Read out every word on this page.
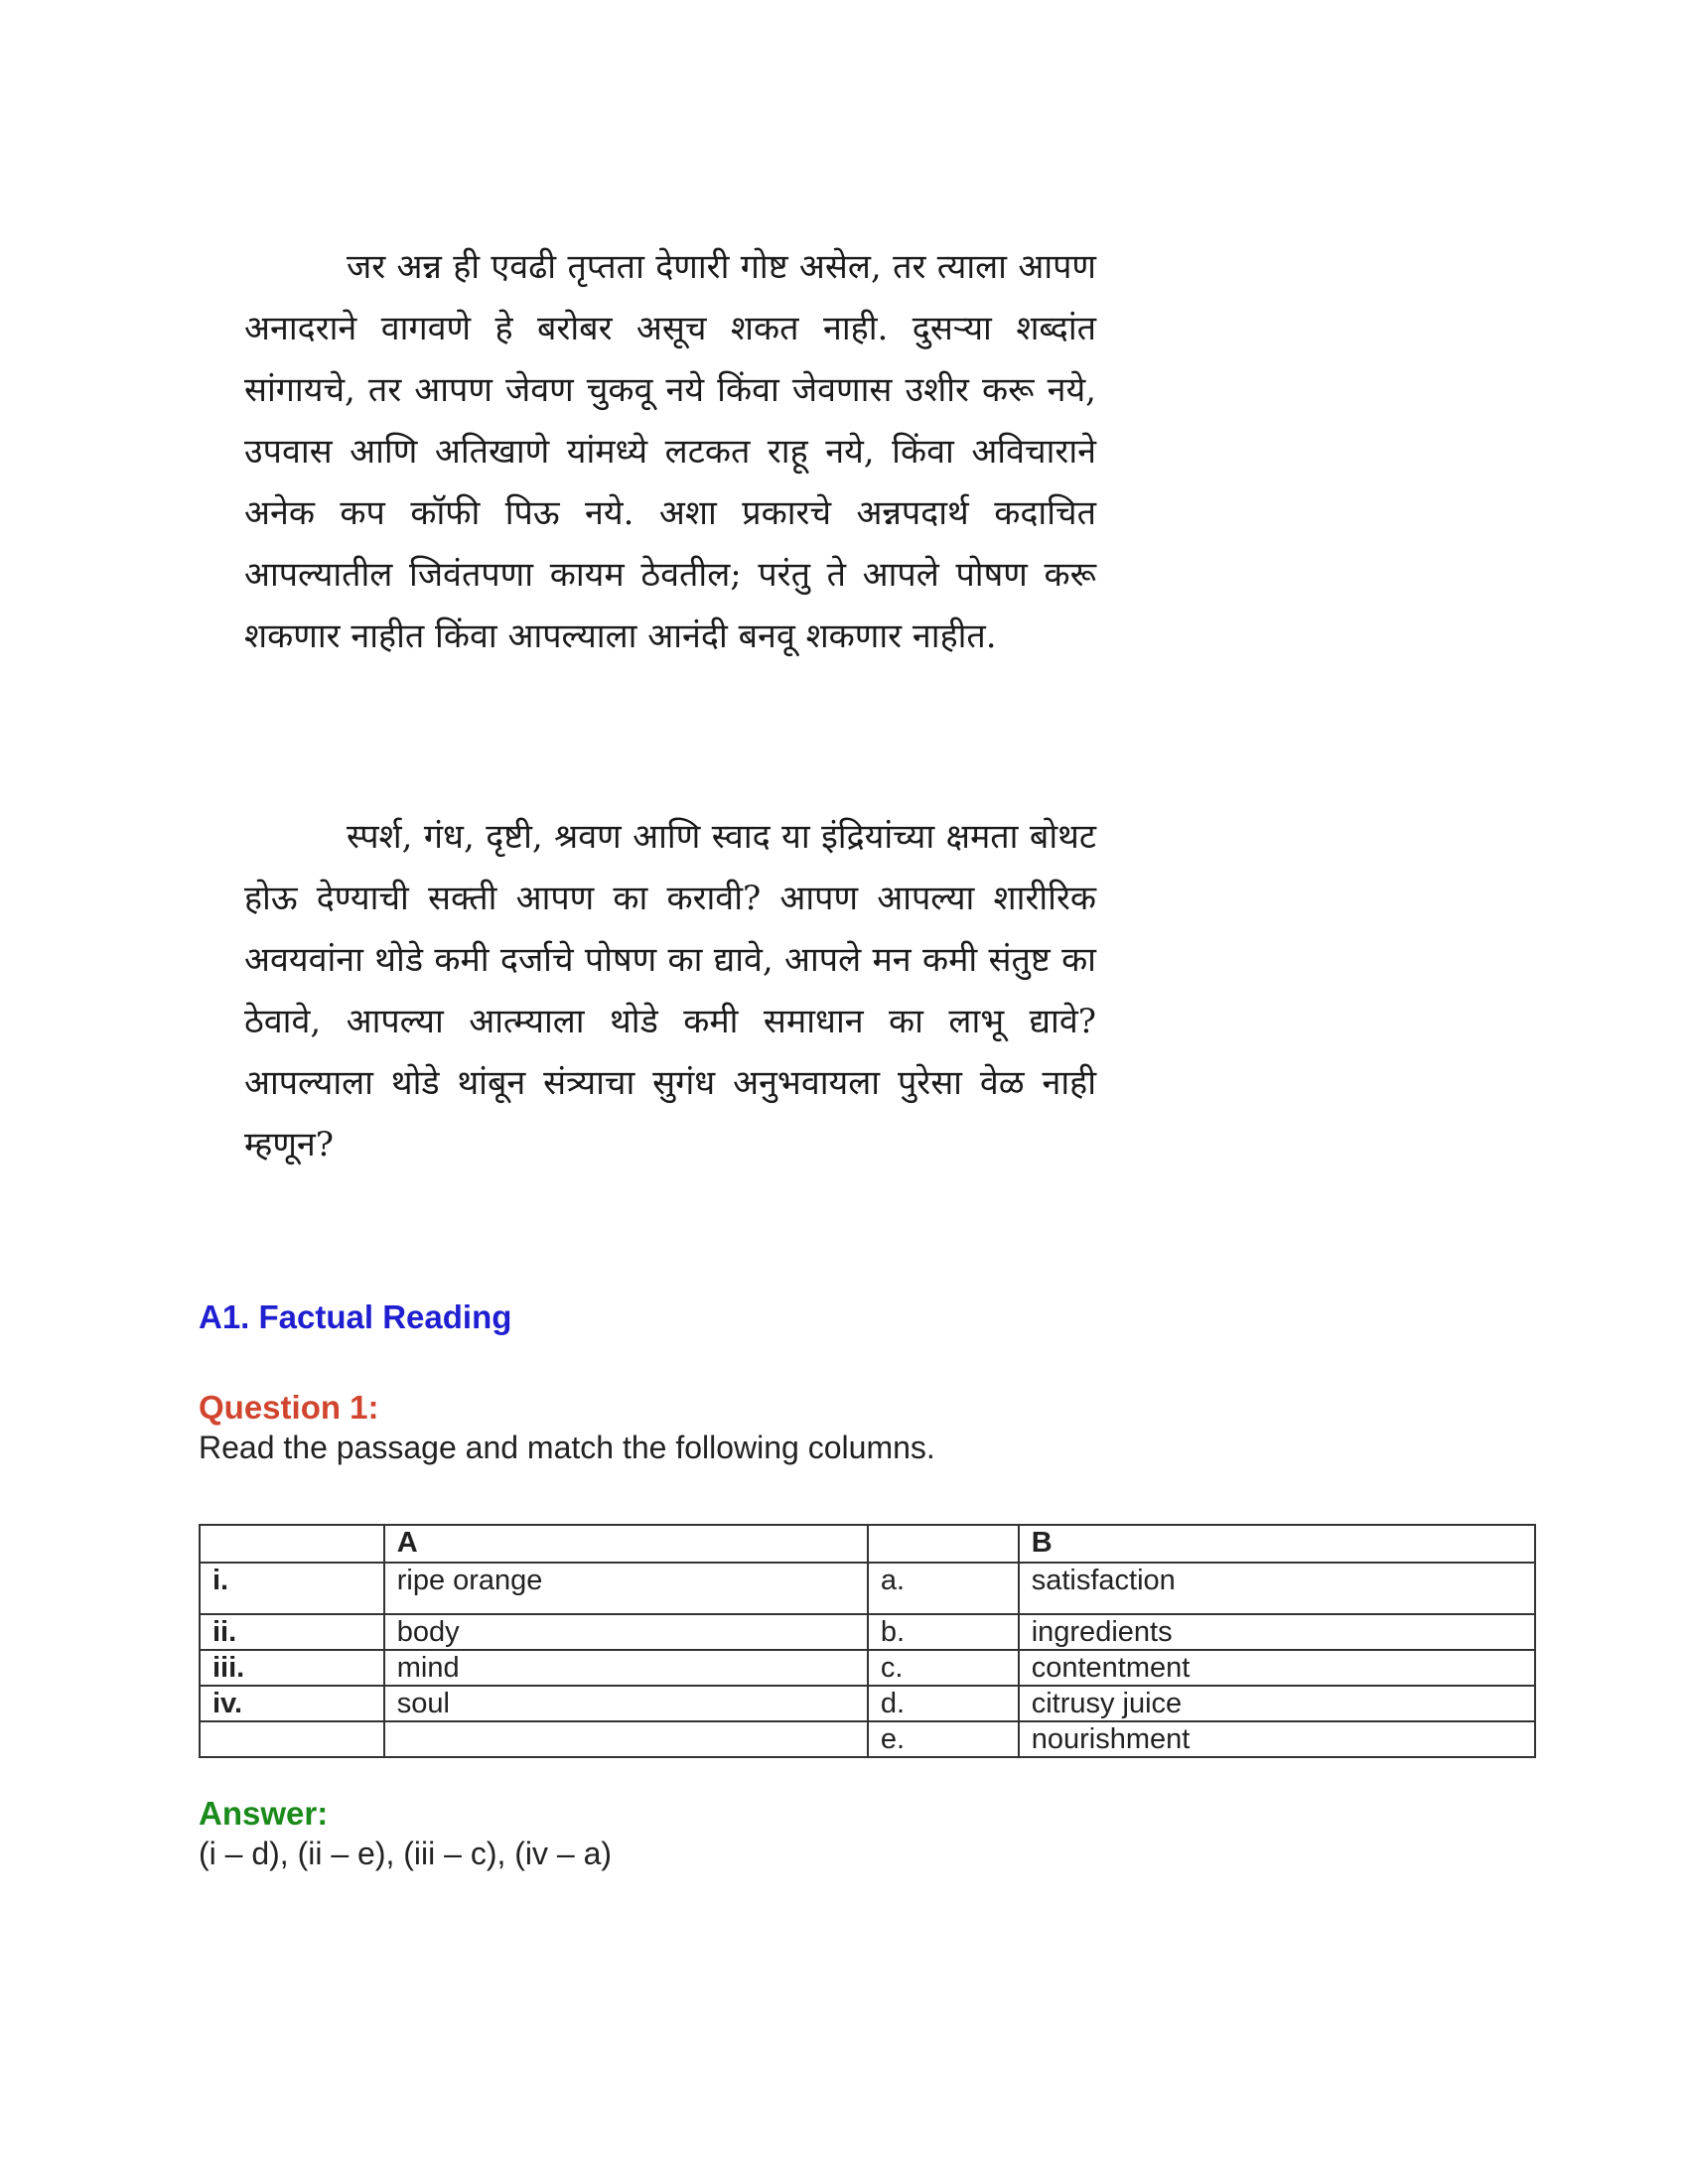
जर अन्न ही एवढी तृप्तता देणारी गोष्ट असेल, तर त्याला आपण अनादराने वागवणे हे बरोबर असूच शकत नाही. दुसऱ्या शब्दांत सांगायचे, तर आपण जेवण चुकवू नये किंवा जेवणास उशीर करू नये, उपवास आणि अतिखाणे यांमध्ये लटकत राहू नये, किंवा अविचाराने अनेक कप कॉफी पिऊ नये. अशा प्रकारचे अन्नपदार्थ कदाचित आपल्यातील जिवंतपणा कायम ठेवतील; परंतु ते आपले पोषण करू शकणार नाहीत किंवा आपल्याला आनंदी बनवू शकणार नाहीत.

स्पर्श, गंध, दृष्टी, श्रवण आणि स्वाद या इंद्रियांच्या क्षमता बोथट होऊ देण्याची सक्ती आपण का करावी? आपण आपल्या शारीरिक अवयवांना थोडे कमी दर्जाचे पोषण का द्यावे, आपले मन कमी संतुष्ट का ठेवावे, आपल्या आत्म्याला थोडे कमी समाधान का लाभू द्यावे? आपल्याला थोडे थांबून संत्र्याचा सुगंध अनुभवायला पुरेसा वेळ नाही म्हणून?

A1. Factual Reading
Question 1:

Read the passage and match the following columns.

	A		B
i.	ripe orange	a.	satisfaction
ii.	body	b.	ingredients
iii.	mind	c.	contentment
iv.	soul	d.	citrusy juice
		e.	nourishment
Answer:

(i – d), (ii – e), (iii – c), (iv – a)
